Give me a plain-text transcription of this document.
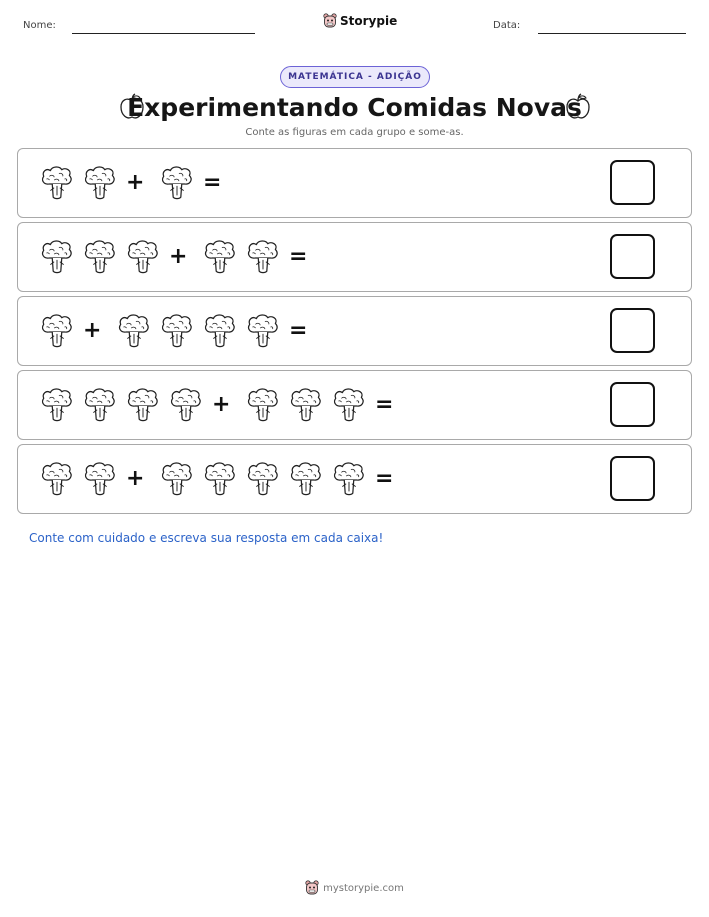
Nome:	Storypie	Data:
MATEMÁTICA - ADIÇÃO
Experimentando Comidas Novas
Conte as figuras em cada grupo e some-as.
+	=
+	=
+	=
+	=
+	=
Conte com cuidado e escreva sua resposta em cada caixa!
mystorypie.com
